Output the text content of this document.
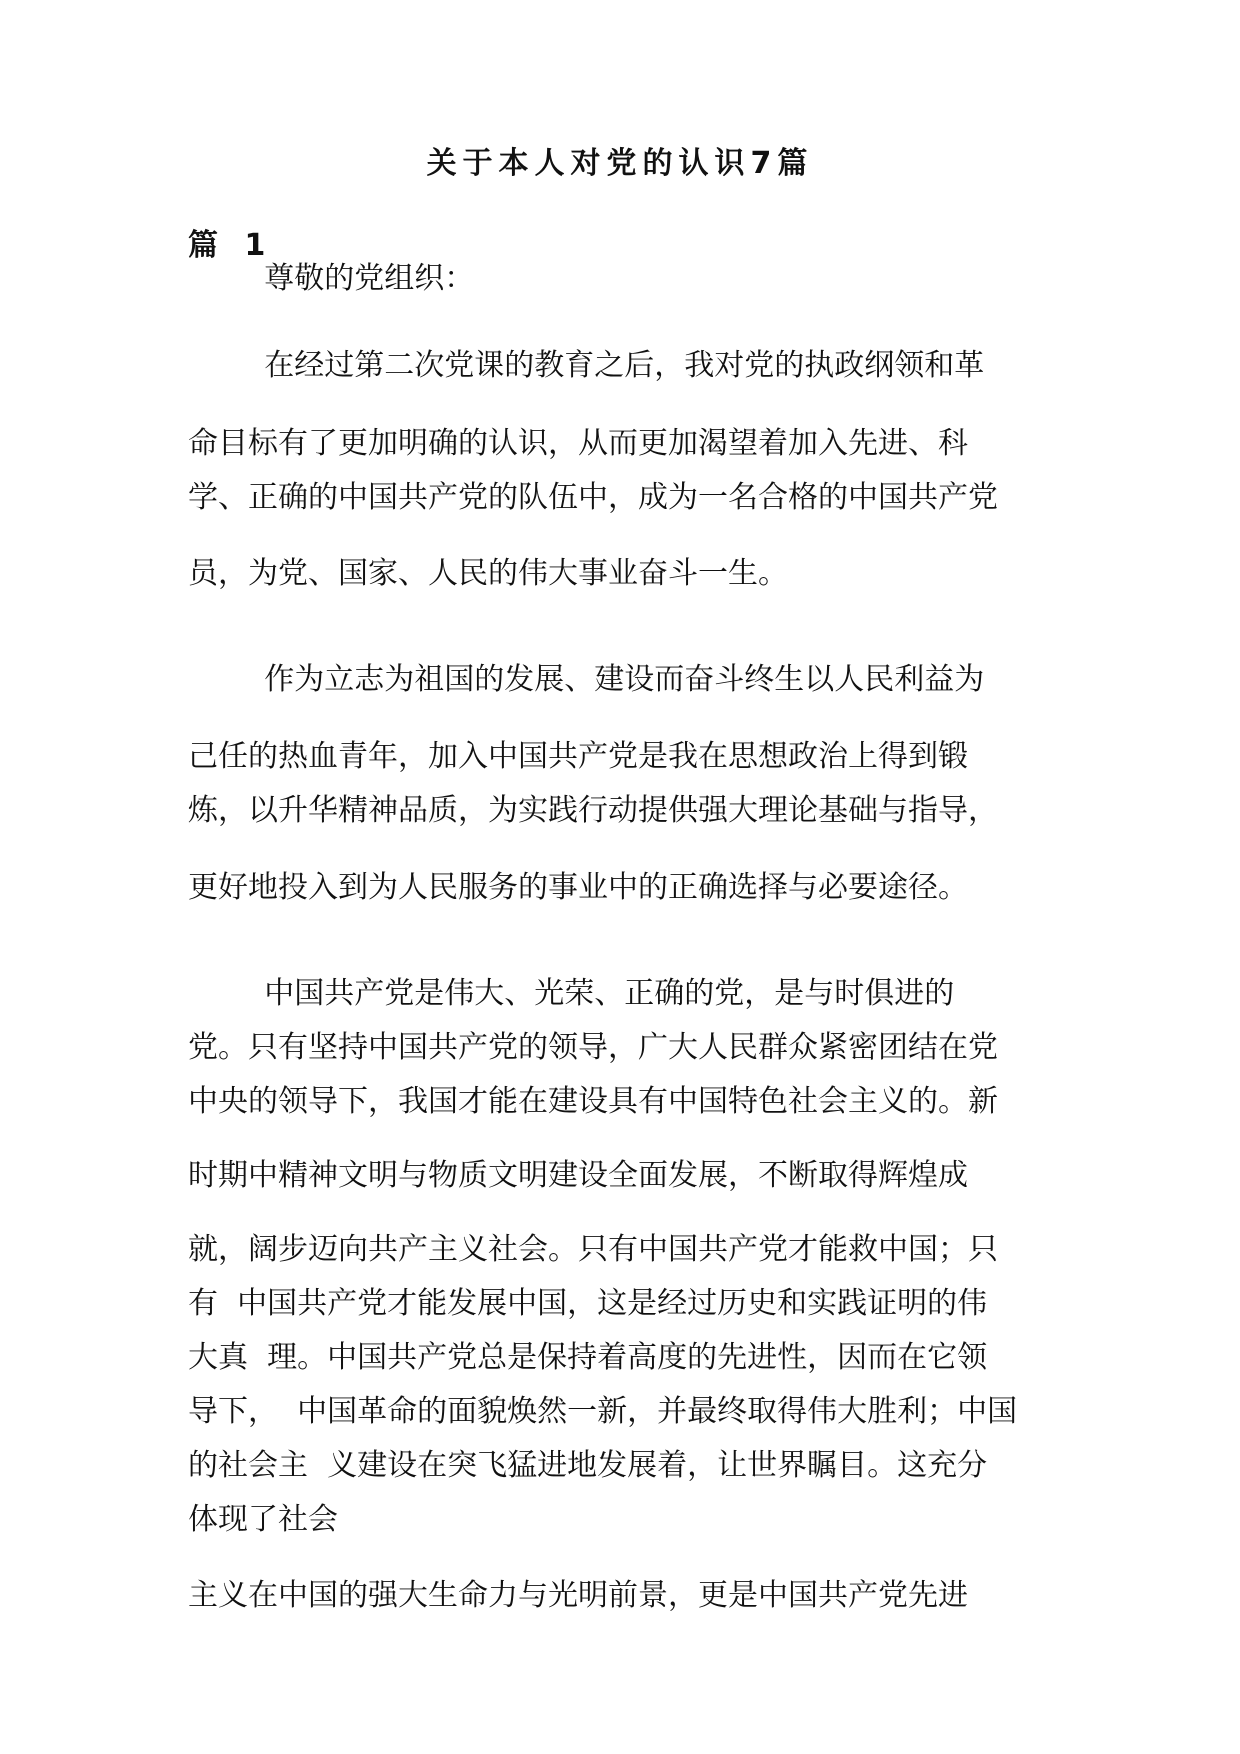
关于本人对党的认识7篇
篇 1
尊敬的党组织：
在经过第二次党课的教育之后，我对党的执政纲领和革
命目标有了更加明确的认识，从而更加渴望着加入先进、科
学、正确的中国共产党的队伍中，成为一名合格的中国共产党
员，为党、国家、人民的伟大事业奋斗一生。
作为立志为祖国的发展、建设而奋斗终生以人民利益为
己任的热血青年，加入中国共产党是我在思想政治上得到锻
炼，以升华精神品质，为实践行动提供强大理论基础与指导，
更好地投入到为人民服务的事业中的正确选择与必要途径。
中国共产党是伟大、光荣、正确的党，是与时俱进的
党。只有坚持中国共产党的领导，广大人民群众紧密团结在党
中央的领导下，我国才能在建设具有中国特色社会主义的。新
时期中精神文明与物质文明建设全面发展，不断取得辉煌成
就，阔步迈向共产主义社会。只有中国共产党才能救中国；只
有  中国共产党才能发展中国，这是经过历史和实践证明的伟
大真  理。中国共产党总是保持着高度的先进性，因而在它领
导下，  中国革命的面貌焕然一新，并最终取得伟大胜利；中国
的社会主  义建设在突飞猛进地发展着，让世界瞩目。这充分
体现了社会
主义在中国的强大生命力与光明前景，更是中国共产党先进
